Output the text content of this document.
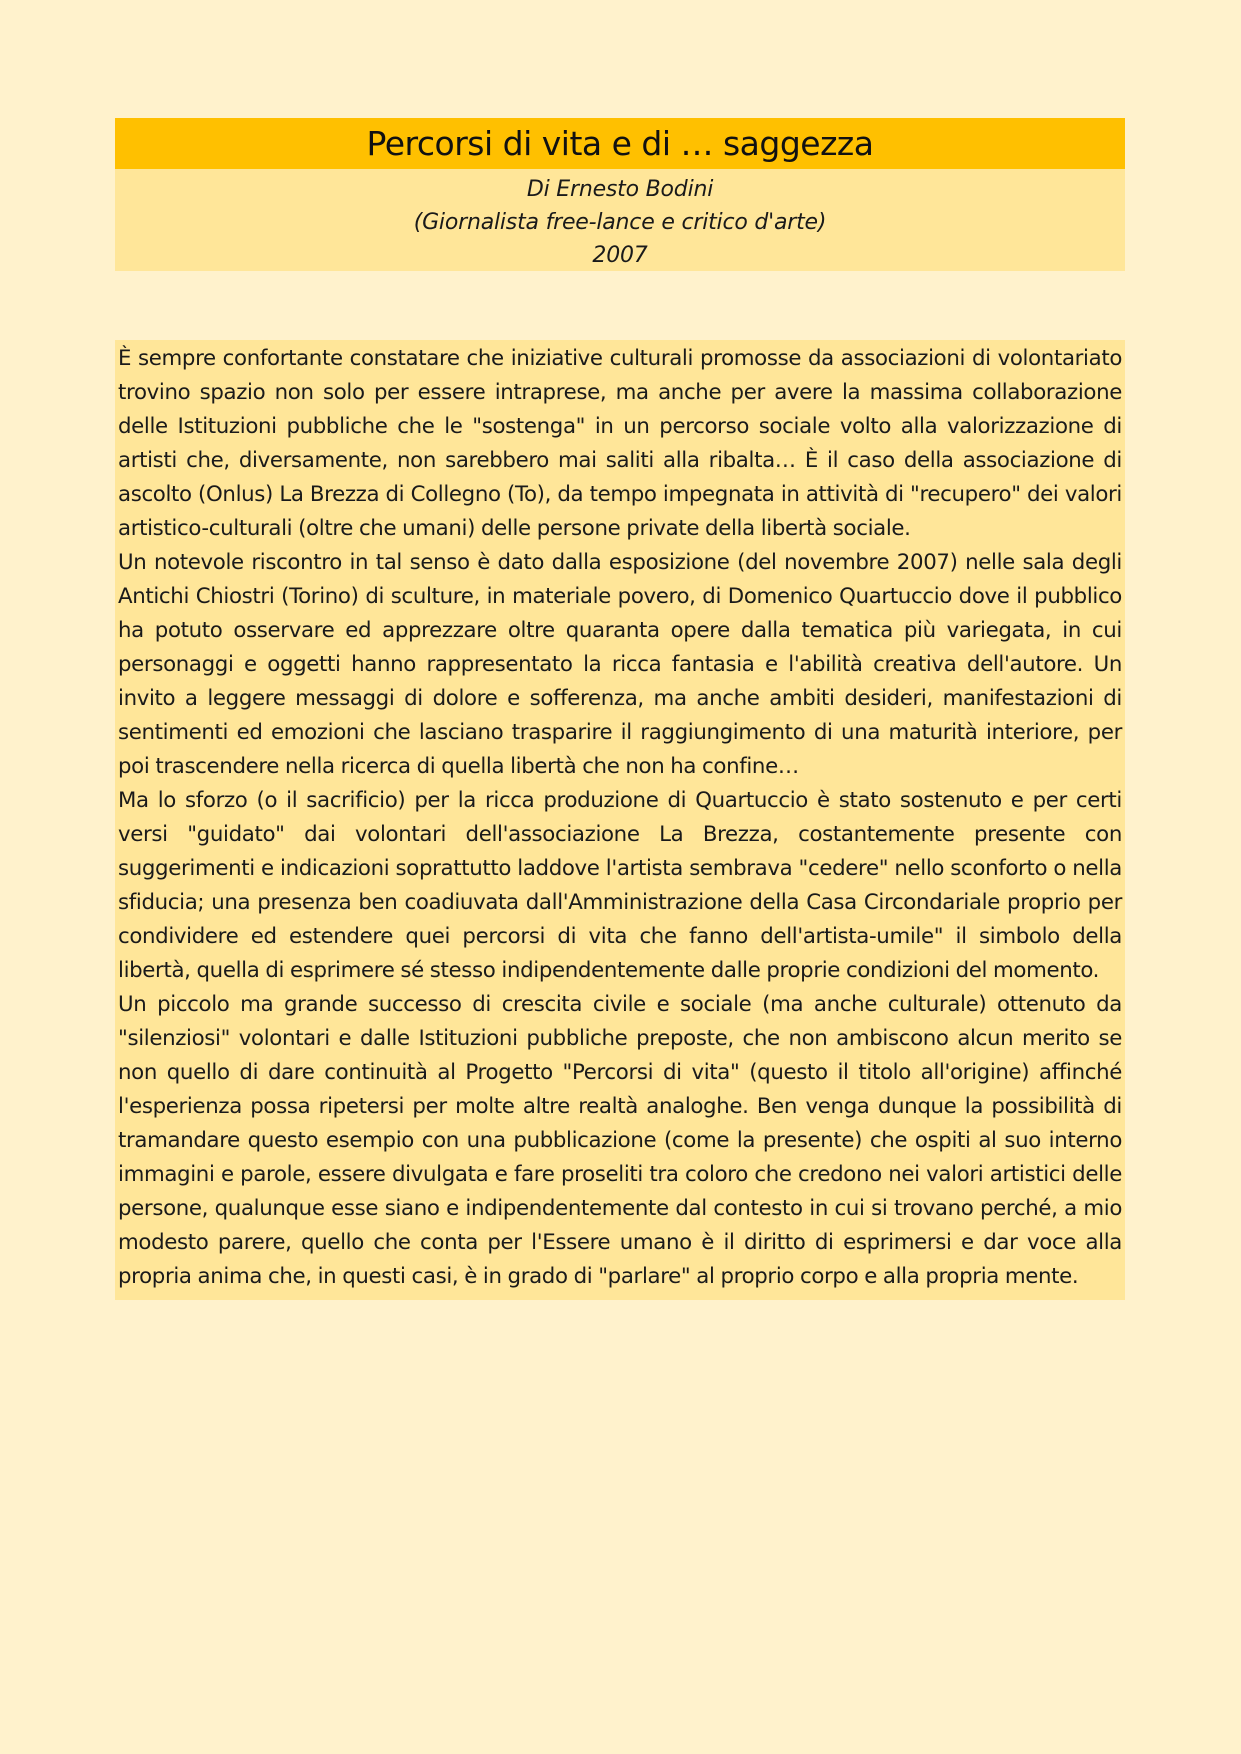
Percorsi di vita e di … saggezza
Di Ernesto Bodini
(Giornalista free-lance e critico d'arte)
2007

È sempre confortante constatare che iniziative culturali promosse da associazioni di volontariato trovino spazio non solo per essere intraprese, ma anche per avere la massima collaborazione delle Istituzioni pubbliche che le "sostenga" in un percorso sociale volto alla valorizzazione di artisti che, diversamente, non sarebbero mai saliti alla ribalta… È il caso della associazione di ascolto (Onlus) La Brezza di Collegno (To), da tempo impegnata in attività di "recupero" dei valori artistico-culturali (oltre che umani) delle persone private della libertà sociale.

Un notevole riscontro in tal senso è dato dalla esposizione (del novembre 2007) nelle sala degli Antichi Chiostri (Torino) di sculture, in materiale povero, di Domenico Quartuccio dove il pubblico ha potuto osservare ed apprezzare oltre quaranta opere dalla tematica più variegata, in cui personaggi e oggetti hanno rappresentato la ricca fantasia e l'abilità creativa dell'autore. Un invito a leggere messaggi di dolore e sofferenza, ma anche ambiti desideri, manifestazioni di sentimenti ed emozioni che lasciano trasparire il raggiungimento di una maturità interiore, per poi trascendere nella ricerca di quella libertà che non ha confine…

Ma lo sforzo (o il sacrificio) per la ricca produzione di Quartuccio è stato sostenuto e per certi versi "guidato" dai volontari dell'associazione La Brezza, costantemente presente con suggerimenti e indicazioni soprattutto laddove l'artista sembrava "cedere" nello sconforto o nella sfiducia; una presenza ben coadiuvata dall'Amministrazione della Casa Circondariale proprio per condividere ed estendere quei percorsi di vita che fanno dell'artista-umile" il simbolo della libertà, quella di esprimere sé stesso indipendentemente dalle proprie condizioni del momento.

Un piccolo ma grande successo di crescita civile e sociale (ma anche culturale) ottenuto da "silenziosi" volontari e dalle Istituzioni pubbliche preposte, che non ambiscono alcun merito se non quello di dare continuità al Progetto "Percorsi di vita" (questo il titolo all'origine) affinché l'esperienza possa ripetersi per molte altre realtà analoghe. Ben venga dunque la possibilità di tramandare questo esempio con una pubblicazione (come la presente) che ospiti al suo interno immagini e parole, essere divulgata e fare proseliti tra coloro che credono nei valori artistici delle persone, qualunque esse siano e indipendentemente dal contesto in cui si trovano perché, a mio modesto parere, quello che conta per l'Essere umano è il diritto di esprimersi e dar voce alla propria anima che, in questi casi, è in grado di "parlare" al proprio corpo e alla propria mente.
